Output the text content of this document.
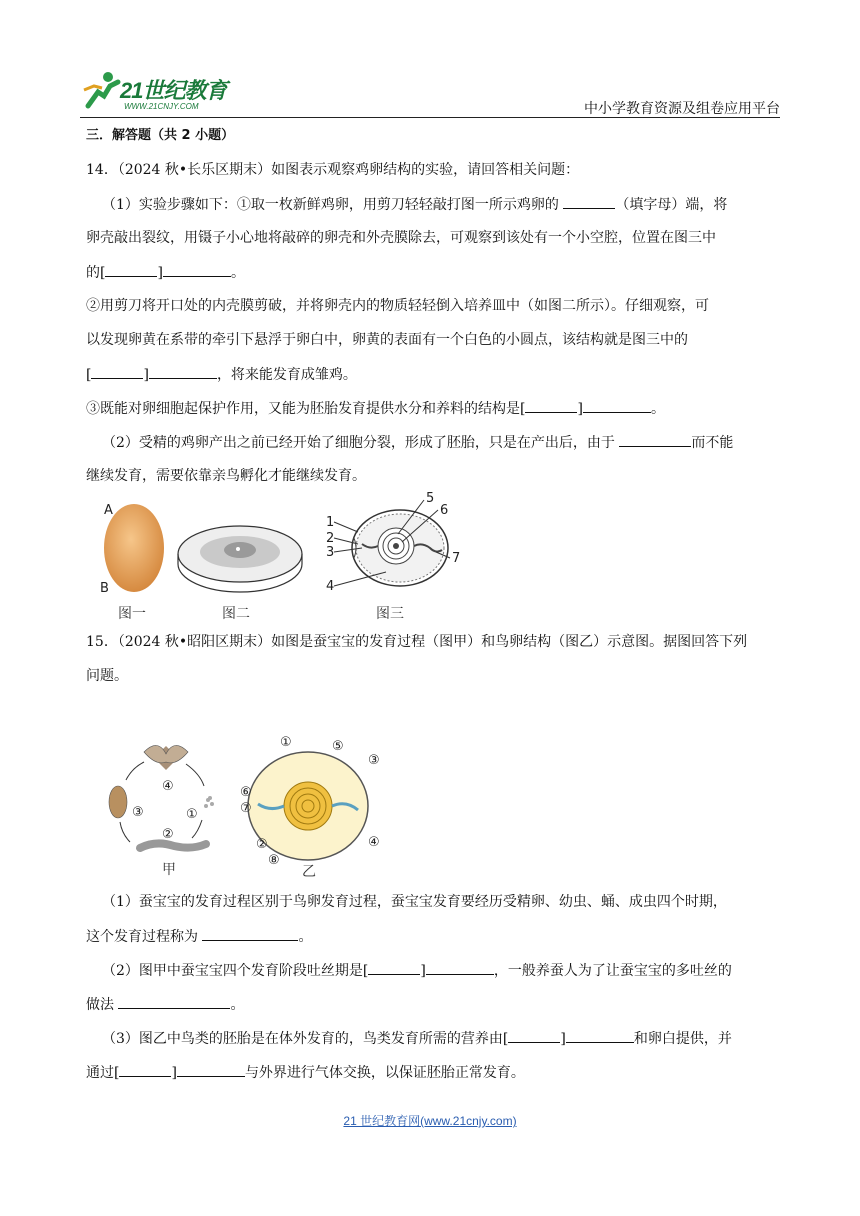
21世纪教育
WWW.21CNJY.COM	中小学教育资源及组卷应用平台
三．解答题（共 2 小题）
14．（2024 秋•长乐区期末）如图表示观察鸡卵结构的实验，请回答相关问题：
（1）实验步骤如下：①取一枚新鲜鸡卵，用剪刀轻轻敲打图一所示鸡卵的	（填字母）端，将
卵壳敲出裂纹，用镊子小心地将敲碎的卵壳和外壳膜除去，可观察到该处有一个小空腔，位置在图三中
的[	]	。
②用剪刀将开口处的内壳膜剪破，并将卵壳内的物质轻轻倒入培养皿中（如图二所示）。仔细观察，可
以发现卵黄在系带的牵引下悬浮于卵白中，卵黄的表面有一个白色的小圆点，该结构就是图三中的
[	]	，将来能发育成雏鸡。
③既能对卵细胞起保护作用，又能为胚胎发育提供水分和养料的结构是[	]	。
（2）受精的鸡卵产出之前已经开始了细胞分裂，形成了胚胎，只是在产出后，由于	而不能
继续发育，需要依靠亲鸟孵化才能继续发育。
A
B
图一	图二
1
2
3
4
5
6
7
图三
15．（2024 秋•昭阳区期末）如图是蚕宝宝的发育过程（图甲）和鸟卵结构（图乙）示意图。据图回答下列
问题。
④
①
②
③
甲
①	⑤
③
⑥
⑦
②
⑧
④
乙
（1）蚕宝宝的发育过程区别于鸟卵发育过程，蚕宝宝发育要经历受精卵、幼虫、蛹、成虫四个时期，
这个发育过程称为	。
（2）图甲中蚕宝宝四个发育阶段吐丝期是[	]	，一般养蚕人为了让蚕宝宝的多吐丝的
做法	。
（3）图乙中鸟类的胚胎是在体外发育的，鸟类发育所需的营养由[	]	和卵白提供，并
通过[	]	与外界进行气体交换，以保证胚胎正常发育。
21 世纪教育网(www.21cnjy.com)
